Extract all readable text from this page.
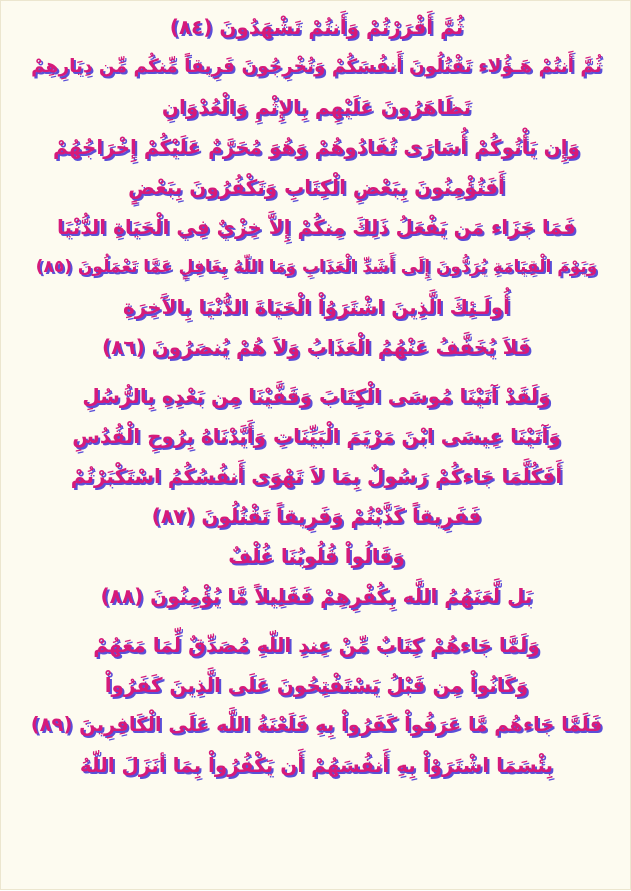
ثُمَّ أَقْرَرْتُمْ وَأَنتُمْ تَشْهَدُونَ (٨٤)
ثُمَّ أَنتُمْ هَـؤُلاء تَقْتُلُونَ أَنفُسَكُمْ وَتُخْرِجُونَ فَرِيقاً مِّنكُم مِّن دِيَارِهِمْ
تَظَاهَرُونَ عَلَيْهِم بِالإِثْمِ وَالْعُدْوَانِ
وَإِن يَأْتُوكُمْ أُسَارَى تُفَادُوهُمْ وَهُوَ مُحَرَّمٌ عَلَيْكُمْ إِخْرَاجُهُمْ
أَفَتُؤْمِنُونَ بِبَعْضِ الْكِتَابِ وَتَكْفُرُونَ بِبَعْضٍ
فَمَا جَزَاء مَن يَفْعَلُ ذَلِكَ مِنكُمْ إِلاَّ خِزْيٌ فِي الْحَيَاةِ الدُّنْيَا
وَيَوْمَ الْقِيَامَةِ يُرَدُّونَ إِلَى أَشَدِّ الْعَذَابِ وَمَا اللّهُ بِغَافِلٍ عَمَّا تَعْمَلُونَ (٨٥)
أُولَـئِكَ الَّذِينَ اشْتَرَوُاْ الْحَيَاةَ الدُّنْيَا بِالآَخِرَةِ
فَلاَ يُخَفَّفُ عَنْهُمُ الْعَذَابُ وَلاَ هُمْ يُنصَرُونَ (٨٦)
وَلَقَدْ آتَيْنَا مُوسَى الْكِتَابَ وَقَفَّيْنَا مِن بَعْدِهِ بِالرُّسُلِ
وَآتَيْنَا عِيسَى ابْنَ مَرْيَمَ الْبَيِّنَاتِ وَأَيَّدْنَاهُ بِرُوحِ الْقُدُسِ
أَفَكُلَّمَا جَاءكُمْ رَسُولٌ بِمَا لاَ تَهْوَى أَنفُسُكُمُ اسْتَكْبَرْتُمْ
فَفَرِيقاً كَذَّبْتُمْ وَفَرِيقاً تَقْتُلُونَ (٨٧)
وَقَالُواْ قُلُوبُنَا غُلْفٌ
بَل لَّعَنَهُمُ اللَّه بِكُفْرِهِمْ فَقَلِيلاً مَّا يُؤْمِنُونَ (٨٨)
وَلَمَّا جَاءهُمْ كِتَابٌ مِّنْ عِندِ اللّهِ مُصَدِّقٌ لِّمَا مَعَهُمْ
وَكَانُواْ مِن قَبْلُ يَسْتَفْتِحُونَ عَلَى الَّذِينَ كَفَرُواْ
فَلَمَّا جَاءهُم مَّا عَرَفُواْ كَفَرُواْ بِهِ فَلَعْنَةُ اللَّه عَلَى الْكَافِرِينَ (٨٩)
بِئْسَمَا اشْتَرَوْاْ بِهِ أَنفُسَهُمْ أَن يَكْفُرُواْ بِمَا أنَزَلَ اللّهُ
